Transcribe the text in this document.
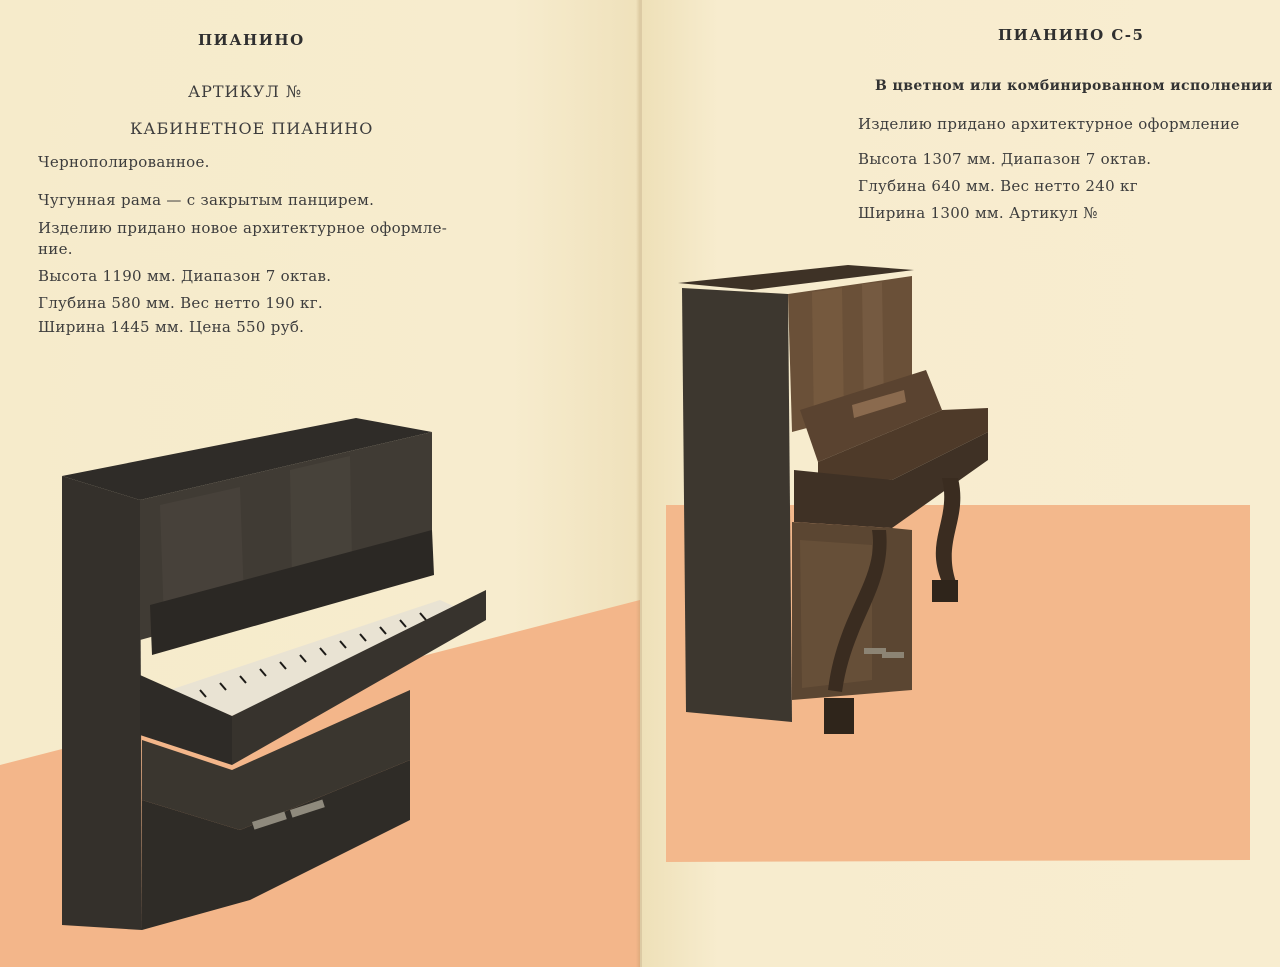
ПИАНИНО
АРТИКУЛ №
КАБИНЕТНОЕ ПИАНИНО
Чернополированное.
Чугунная рама — с закрытым панцирем.
Изделию придано новое архитектурное оформле-
ние.
Высота 1190 мм. Диапазон 7 октав.
Глубина 580 мм. Вес нетто 190 кг.
Ширина 1445 мм. Цена 550 руб.
ПИАНИНО С-5
В цветном или комбинированном исполнении
Изделию придано архитектурное оформление
Высота 1307 мм. Диапазон 7 октав.
Глубина 640 мм. Вес нетто 240 кг
Ширина 1300 мм. Артикул №
